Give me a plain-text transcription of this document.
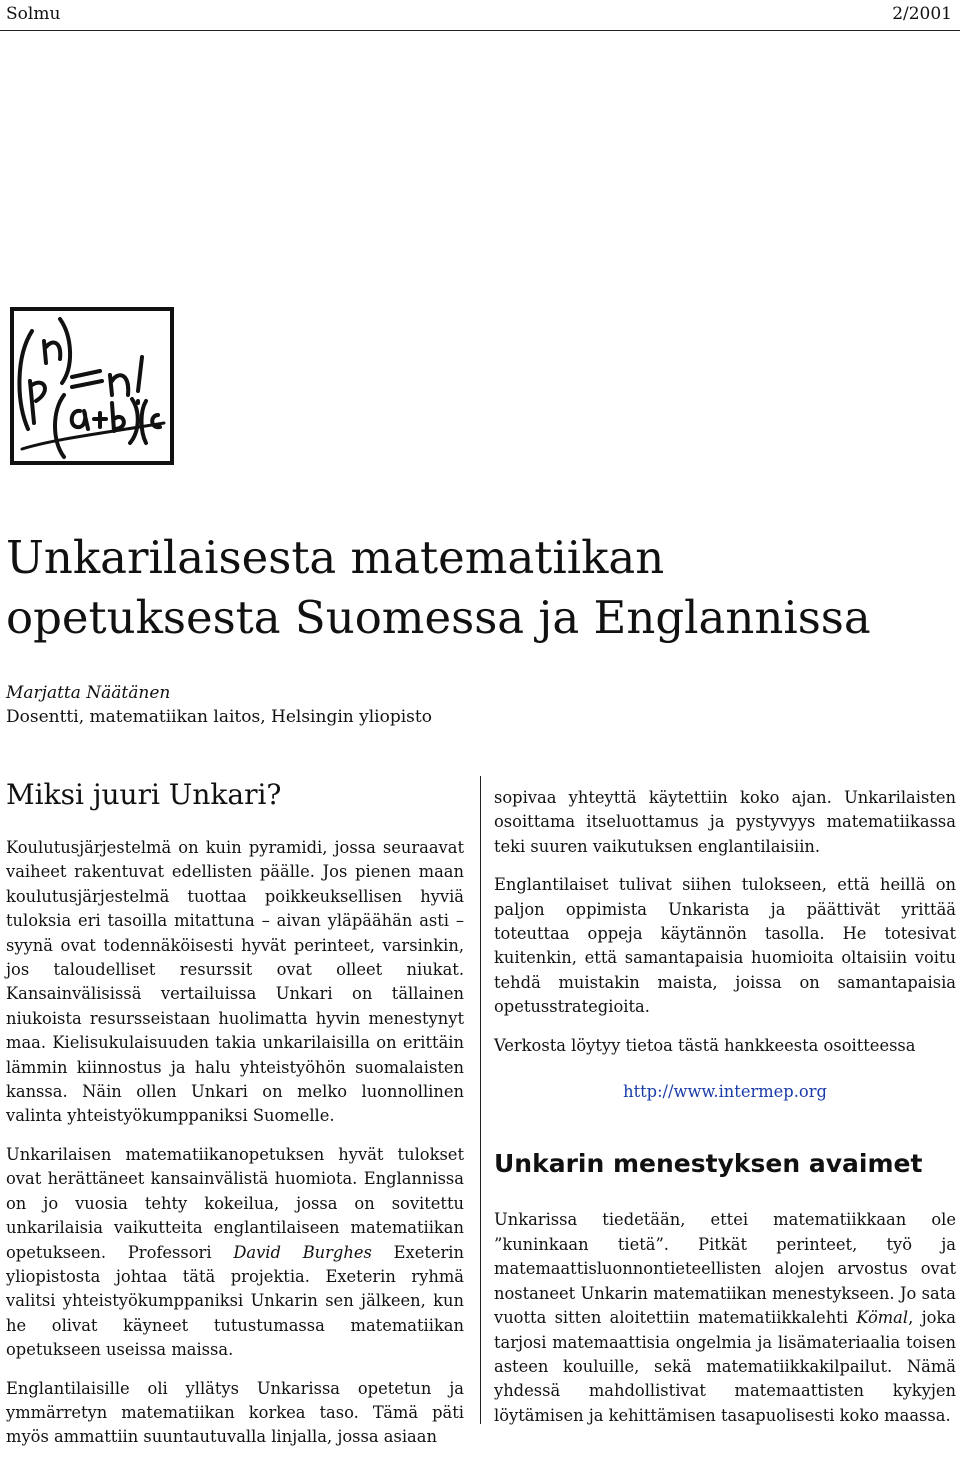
Solmu	2/2001
Unkarilaisesta matematiikan
opetuksesta Suomessa ja Englannissa
Marjatta Näätänen
Dosentti, matematiikan laitos, Helsingin yliopisto
Miksi juuri Unkari?

Koulutusjärjestelmä on kuin pyramidi, jossa seuraavat vaiheet rakentuvat edellisten päälle. Jos pienen maan koulutusjärjestelmä tuottaa poikkeuksellisen hyviä tuloksia eri tasoilla mitattuna – aivan yläpäähän asti – syynä ovat todennäköisesti hyvät perinteet, varsinkin, jos taloudelliset resurssit ovat olleet niukat. Kansainvälisissä vertailuissa Unkari on tällainen niukoista resursseistaan huolimatta hyvin menestynyt maa. Kielisukulaisuuden takia unkarilaisilla on erittäin lämmin kiinnostus ja halu yhteistyöhön suomalaisten kanssa. Näin ollen Unkari on melko luonnollinen valinta yhteistyökumppaniksi Suomelle.

Unkarilaisen matematiikanopetuksen hyvät tulokset ovat herättäneet kansainvälistä huomiota. Englannissa on jo vuosia tehty kokeilua, jossa on sovitettu unkarilaisia vaikutteita englantilaiseen matematiikan opetukseen. Professori David Burghes Exeterin yliopistosta johtaa tätä projektia. Exeterin ryhmä valitsi yhteistyökumppaniksi Unkarin sen jälkeen, kun he olivat käyneet tutustumassa matematiikan opetukseen useissa maissa.

Englantilaisille oli yllätys Unkarissa opetetun ja ymmärretyn matematiikan korkea taso. Tämä päti myös ammattiin suuntautuvalla linjalla, jossa asiaan

sopivaa yhteyttä käytettiin koko ajan. Unkarilaisten osoittama itseluottamus ja pystyvyys matematiikassa teki suuren vaikutuksen englantilaisiin.

Englantilaiset tulivat siihen tulokseen, että heillä on paljon oppimista Unkarista ja päättivät yrittää toteuttaa oppeja käytännön tasolla. He totesivat kuitenkin, että samantapaisia huomioita oltaisiin voitu tehdä muistakin maista, joissa on samantapaisia opetusstrategioita.

Verkosta löytyy tietoa tästä hankkeesta osoitteessa

http://www.intermep.org
Unkarin menestyksen avaimet

Unkarissa tiedetään, ettei matematiikkaan ole ”kuninkaan tietä”. Pitkät perinteet, työ ja matemaattisluonnontieteellisten alojen arvostus ovat nostaneet Unkarin matematiikan menestykseen. Jo sata vuotta sitten aloitettiin matematiikkalehti Kömal, joka tarjosi matemaattisia ongelmia ja lisämateriaalia toisen asteen kouluille, sekä matematiikkakilpailut. Nämä yhdessä mahdollistivat matemaattisten kykyjen löytämisen ja kehittämisen tasapuolisesti koko maassa.
